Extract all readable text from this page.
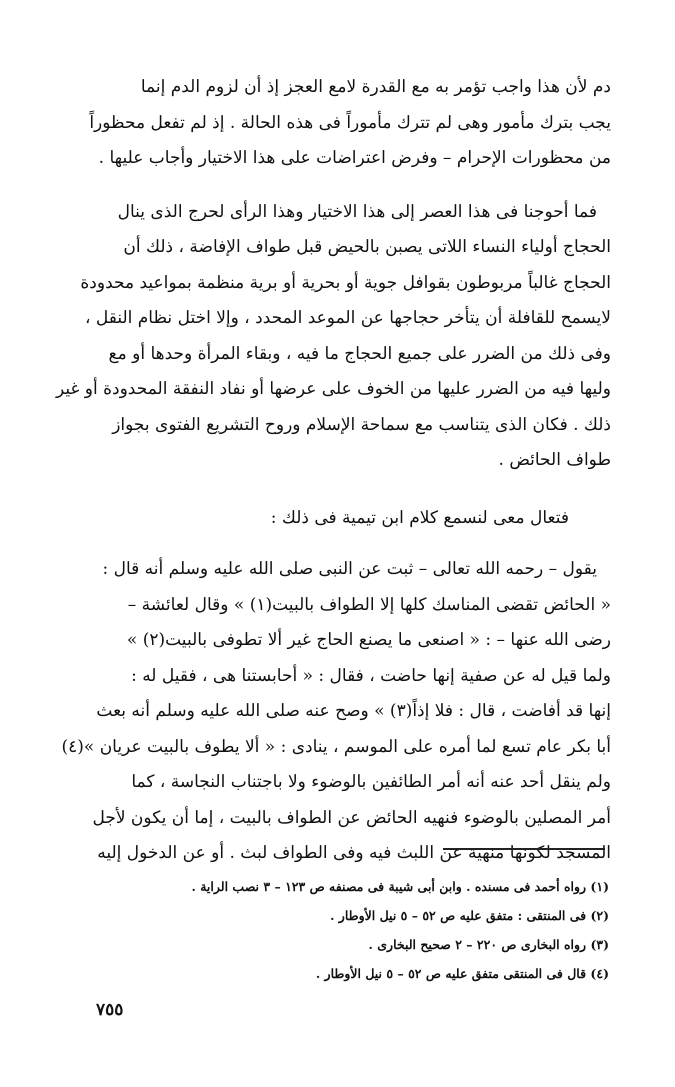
دم لأن هذا واجب تؤمر به مع القدرة لامع العجز إذ أن لزوم الدم إنما

يجب بترك مأمور وهى لم تترك مأموراً فى هذه الحالة . إذ لم تفعل محظوراً

من محظورات الإحرام – وفرض اعتراضات على هذا الاختيار وأجاب عليها .

فما أحوجنا فى هذا العصر إلى هذا الاختيار وهذا الرأى لحرج الذى ينال

الحجاج أولياء النساء اللاتى يصبن بالحيض قبل طواف الإفاضة ، ذلك أن

الحجاج غالباً مربوطون بقوافل جوية أو بحرية أو برية منظمة بمواعيد محدودة

لايسمح للقافلة أن يتأخر حجاجها عن الموعد المحدد ، وإلا اختل نظام النقل ،

وفى ذلك من الضرر على جميع الحجاج ما فيه ، وبقاء المرأة وحدها أو مع

وليها فيه من الضرر عليها من الخوف على عرضها أو نفاد النفقة المحدودة أو غير

ذلك . فكان الذى يتناسب مع سماحة الإسلام وروح التشريع الفتوى بجواز

طواف الحائض .

فتعال معى لنسمع كلام ابن تيمية فى ذلك :

يقول – رحمه الله تعالى – ثبت عن النبى صلى الله عليه وسلم أنه قال :

« الحائض تقضى المناسك كلها إلا الطواف بالبيت(١) » وقال لعائشة –

رضى الله عنها – : « اصنعى ما يصنع الحاج غير ألا تطوفى بالبيت(٢) »

ولما قيل له عن صفية إنها حاضت ، فقال : « أحابستنا هى ، فقيل له :

إنها قد أفاضت ، قال : فلا إذاً(٣) » وصح عنه صلى الله عليه وسلم أنه بعث

أبا بكر عام تسع لما أمره على الموسم ، ينادى : « ألا يطوف بالبيت عريان »(٤)

ولم ينقل أحد عنه أنه أمر الطائفين بالوضوء ولا باجتناب النجاسة ، كما

أمر المصلين بالوضوء فنهيه الحائض عن الطواف بالبيت ، إما أن يكون لأجل

المسجد لكونها منهية عن اللبث فيه وفى الطواف لبث . أو عن الدخول إليه

(١) رواه أحمد فى مسنده . وابن أبى شيبة فى مصنفه ص ١٢٣ – ٣ نصب الراية .
(٢) فى المنتقى : متفق عليه ص ٥٢ – ٥ نيل الأوطار .
(٣) رواه البخارى ص ٢٢٠ – ٢ صحيح البخارى .
(٤) قال فى المنتقى متفق عليه ص ٥٢ – ٥ نيل الأوطار .
٧٥٥
